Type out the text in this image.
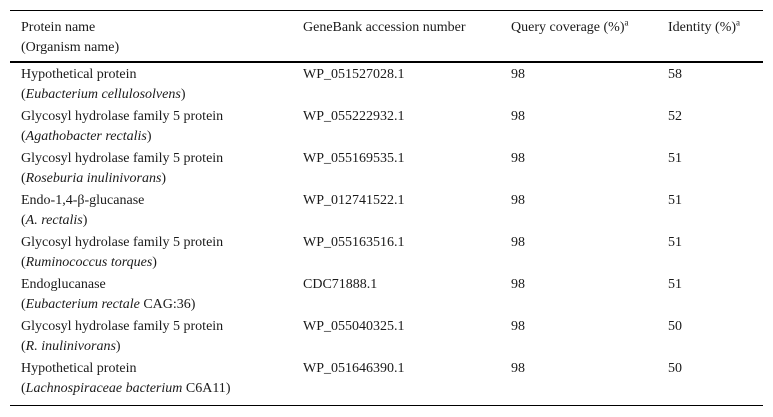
Protein name
(Organism name)
GeneBank accession number	Query coverage (%)$^a$	Identity (%)$^a$
Hypothetical protein
(Eubacterium cellulosolvens)
WP_051527028.1	98	58
Glycosyl hydrolase family 5 protein
(Agathobacter rectalis)
WP_055222932.1	98	52
Glycosyl hydrolase family 5 protein
(Roseburia inulinivorans)
WP_055169535.1	98	51
Endo-1,4-β-glucanase
(A. rectalis)
WP_012741522.1	98	51
Glycosyl hydrolase family 5 protein
(Ruminococcus torques)
WP_055163516.1	98	51
Endoglucanase
(Eubacterium rectale CAG:36)
CDC71888.1	98	51
Glycosyl hydrolase family 5 protein
(R. inulinivorans)
WP_055040325.1	98	50
Hypothetical protein
(Lachnospiraceae bacterium C6A11)
WP_051646390.1	98	50
